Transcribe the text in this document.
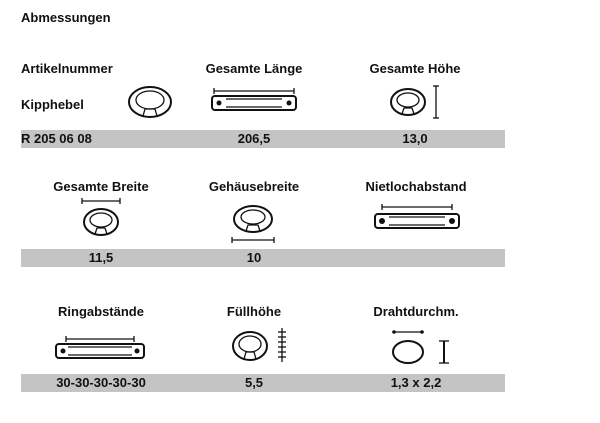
Abmessungen
Artikelnummer	Gesamte Länge	Gesamte Höhe
Kipphebel
R 205 06 08	206,5	13,0
Gesamte Breite	Gehäusebreite	Nietlochabstand
11,5	10
Ringabstände	Füllhöhe	Drahtdurchm.
30-30-30-30-30	5,5	1,3 x 2,2
